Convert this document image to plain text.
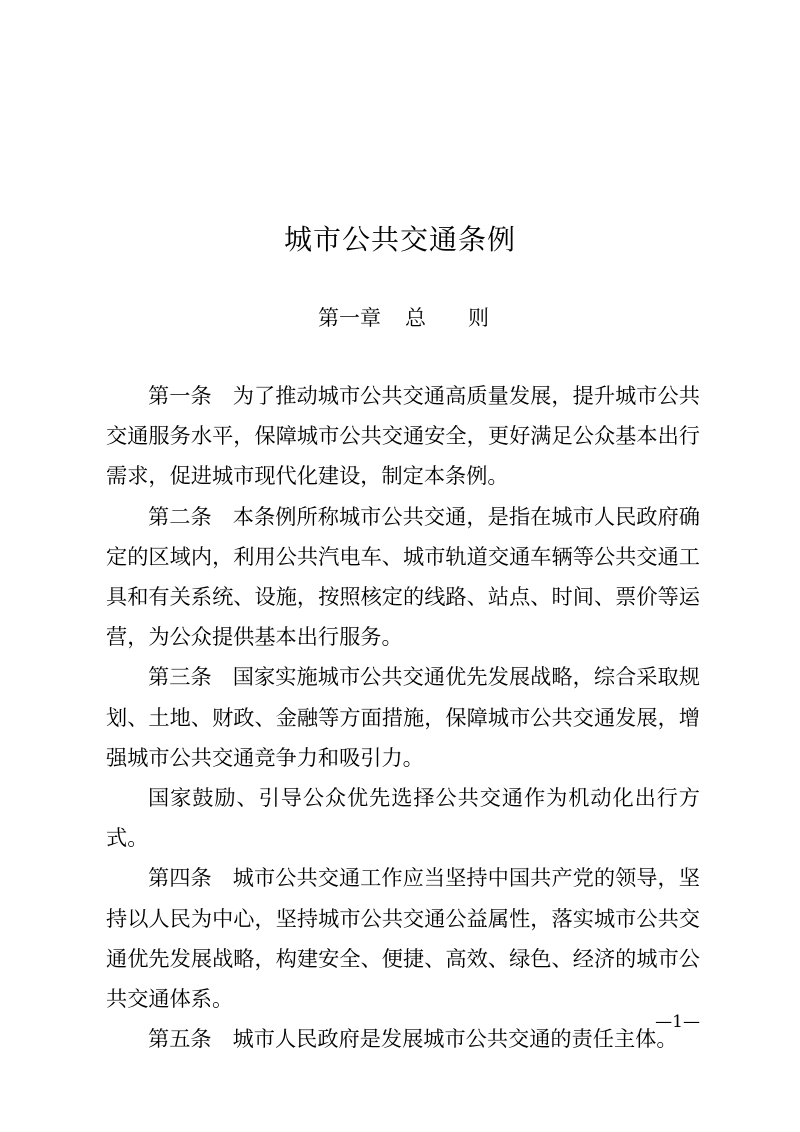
城市公共交通条例
第一章 总 则

第一条 为了推动城市公共交通高质量发展，提升城市公共交通服务水平，保障城市公共交通安全，更好满足公众基本出行需求，促进城市现代化建设，制定本条例。

第二条 本条例所称城市公共交通，是指在城市人民政府确定的区域内，利用公共汽电车、城市轨道交通车辆等公共交通工具和有关系统、设施，按照核定的线路、站点、时间、票价等运营，为公众提供基本出行服务。

第三条 国家实施城市公共交通优先发展战略，综合采取规划、土地、财政、金融等方面措施，保障城市公共交通发展，增强城市公共交通竞争力和吸引力。

国家鼓励、引导公众优先选择公共交通作为机动化出行方式。

第四条 城市公共交通工作应当坚持中国共产党的领导，坚持以人民为中心，坚持城市公共交通公益属性，落实城市公共交通优先发展战略，构建安全、便捷、高效、绿色、经济的城市公共交通体系。

第五条 城市人民政府是发展城市公共交通的责任主体。

—1—
